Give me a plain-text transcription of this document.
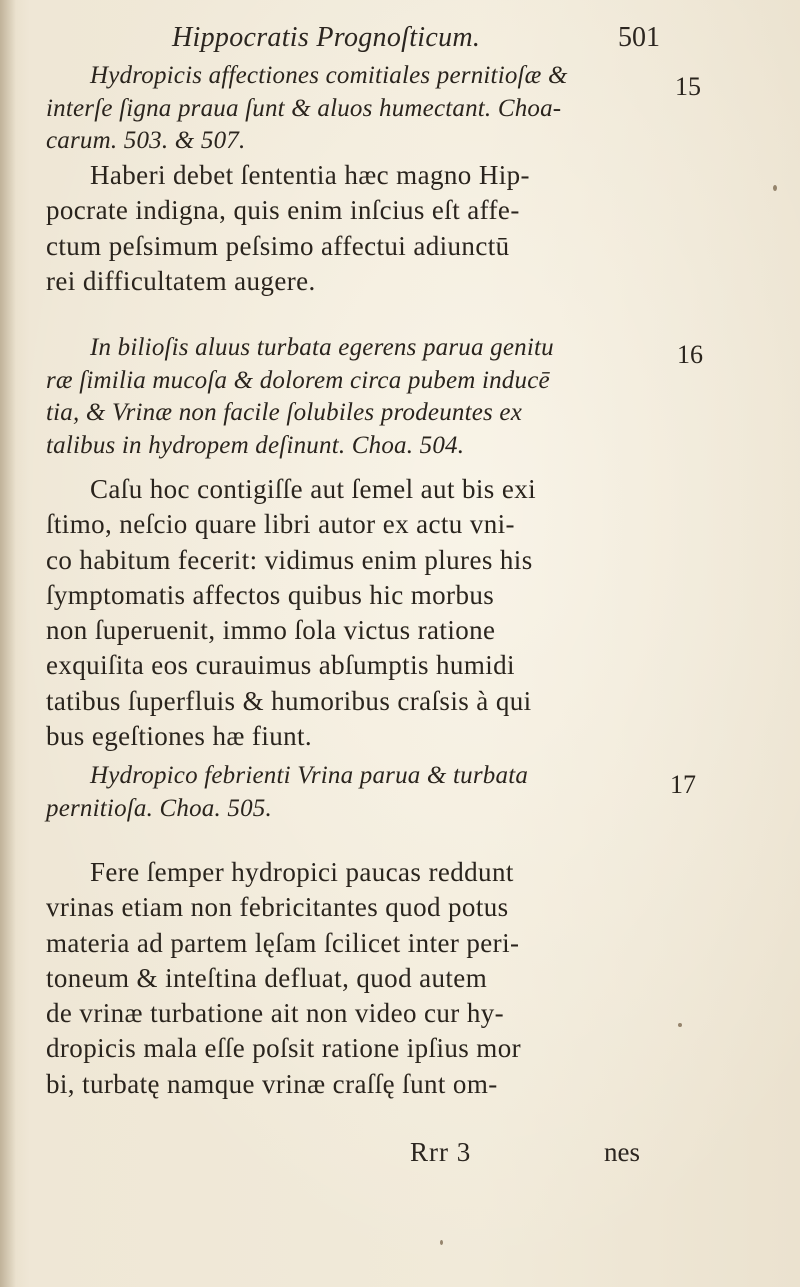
Hippocratis Prognoſticum.	501
15
16
17
Hydropicis affectiones comitiales pernitioſæ &
interſe ſigna praua ſunt & aluos humectant. Choa-
carum. 503. & 507.
Haberi debet ſententia hæc magno Hip-
pocrate indigna, quis enim inſcius eſt affe-
ctum peſsimum peſsimo affectui adiunctū
rei difficultatem augere.
In bilioſis aluus turbata egerens parua genitu
ræ ſimilia mucoſa & dolorem circa pubem inducē
tia, & Vrinæ non facile ſolubiles prodeuntes ex
talibus in hydropem deſinunt. Choa. 504.
Caſu hoc contigiſſe aut ſemel aut bis exi
ſtimo, neſcio quare libri autor ex actu vni-
co habitum fecerit: vidimus enim plures his
ſymptomatis affectos quibus hic morbus
non ſuperuenit, immo ſola victus ratione
exquiſita eos curauimus abſumptis humidi
tatibus ſuperfluis & humoribus craſsis à qui
bus egeſtiones hæ fiunt.
Hydropico febrienti Vrina parua & turbata
pernitioſa. Choa. 505.
Fere ſemper hydropici paucas reddunt
vrinas etiam non febricitantes quod potus
materia ad partem lęſam ſcilicet inter peri-
toneum & inteſtina defluat, quod autem
de vrinæ turbatione ait non video cur hy-
dropicis mala eſſe poſsit ratione ipſius mor
bi, turbatę namque vrinæ craſſę ſunt om-
Rrr 3	nes
